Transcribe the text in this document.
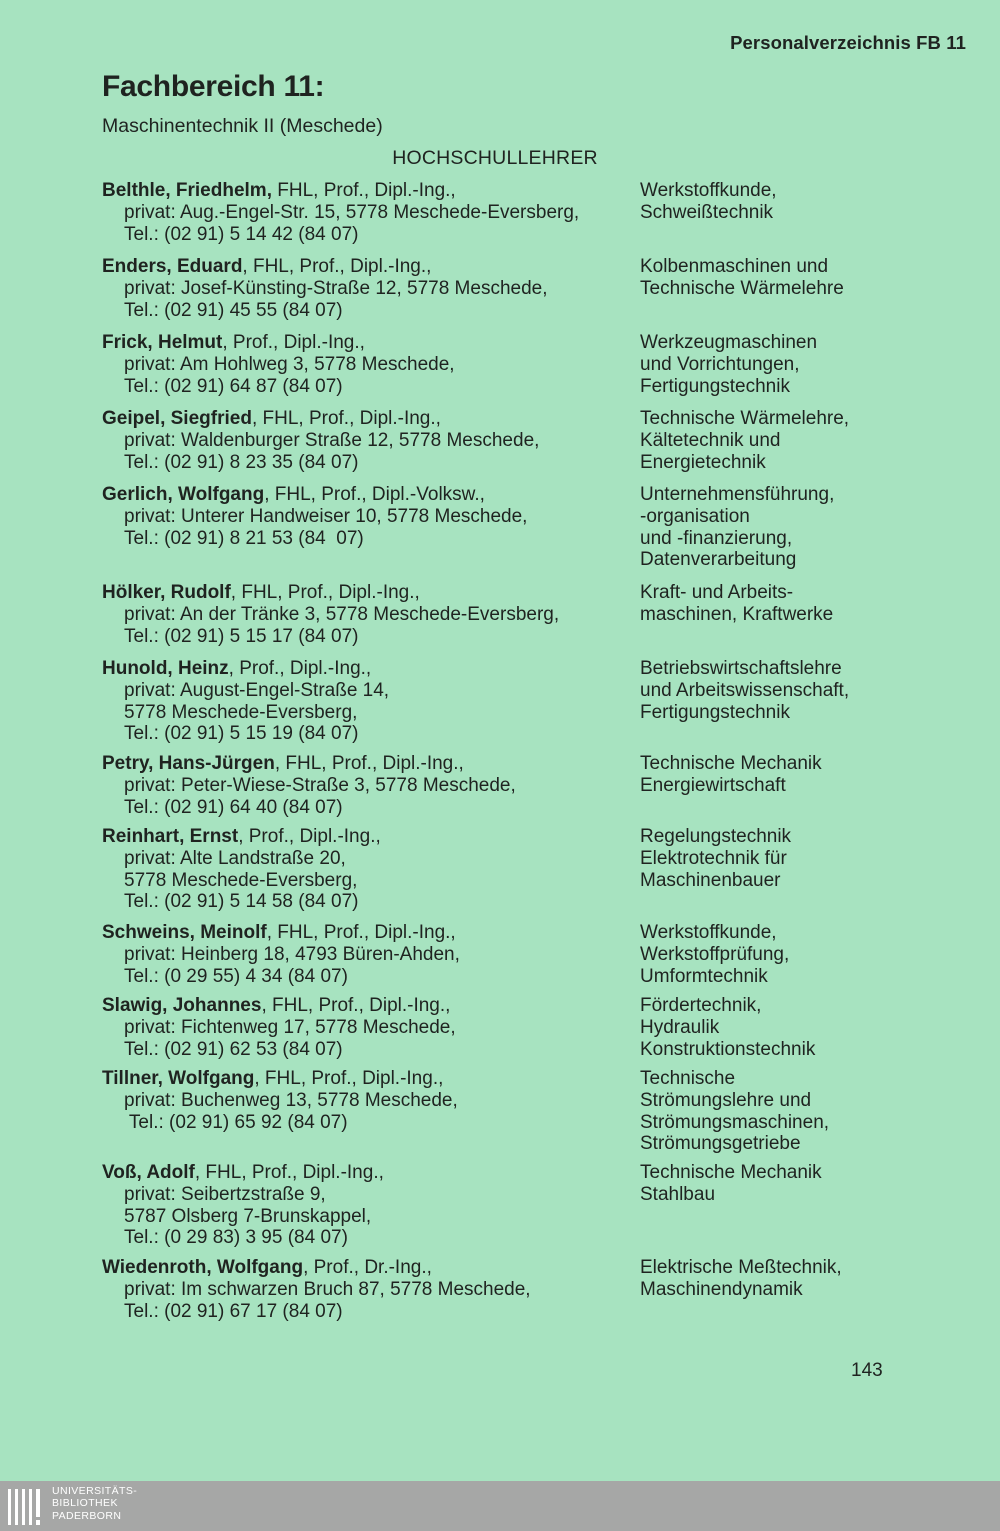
Personalverzeichnis FB 11
Fachbereich 11:
Maschinentechnik II (Meschede)
HOCHSCHULLEHRER
Belthle, Friedhelm, FHL, Prof., Dipl.-Ing.,
privat: Aug.-Engel-Str. 15, 5778 Meschede-Eversberg,
Tel.: (02 91) 5 14 42 (84 07)
Werkstoffkunde,
Schweißtechnik
Enders, Eduard, FHL, Prof., Dipl.-Ing.,
privat: Josef-Künsting-Straße 12, 5778 Meschede,
Tel.: (02 91) 45 55 (84 07)
Kolbenmaschinen und
Technische Wärmelehre
Frick, Helmut, Prof., Dipl.-Ing.,
privat: Am Hohlweg 3, 5778 Meschede,
Tel.: (02 91) 64 87 (84 07)
Werkzeugmaschinen
und Vorrichtungen,
Fertigungstechnik
Geipel, Siegfried, FHL, Prof., Dipl.-Ing.,
privat: Waldenburger Straße 12, 5778 Meschede,
Tel.: (02 91) 8 23 35 (84 07)
Technische Wärmelehre,
Kältetechnik und
Energietechnik
Gerlich, Wolfgang, FHL, Prof., Dipl.-Volksw.,
privat: Unterer Handweiser 10, 5778 Meschede,
Tel.: (02 91) 8 21 53 (84  07)
Unternehmensführung,
-organisation
und -finanzierung,
Datenverarbeitung
Hölker, Rudolf, FHL, Prof., Dipl.-Ing.,
privat: An der Tränke 3, 5778 Meschede-Eversberg,
Tel.: (02 91) 5 15 17 (84 07)
Kraft- und Arbeits-
maschinen, Kraftwerke
Hunold, Heinz, Prof., Dipl.-Ing.,
privat: August-Engel-Straße 14,
5778 Meschede-Eversberg,
Tel.: (02 91) 5 15 19 (84 07)
Betriebswirtschaftslehre
und Arbeitswissenschaft,
Fertigungstechnik
Petry, Hans-Jürgen, FHL, Prof., Dipl.-Ing.,
privat: Peter-Wiese-Straße 3, 5778 Meschede,
Tel.: (02 91) 64 40 (84 07)
Technische Mechanik
Energiewirtschaft
Reinhart, Ernst, Prof., Dipl.-Ing.,
privat: Alte Landstraße 20,
5778 Meschede-Eversberg,
Tel.: (02 91) 5 14 58 (84 07)
Regelungstechnik
Elektrotechnik für
Maschinenbauer
Schweins, Meinolf, FHL, Prof., Dipl.-Ing.,
privat: Heinberg 18, 4793 Büren-Ahden,
Tel.: (0 29 55) 4 34 (84 07)
Werkstoffkunde,
Werkstoffprüfung,
Umformtechnik
Slawig, Johannes, FHL, Prof., Dipl.-Ing.,
privat: Fichtenweg 17, 5778 Meschede,
Tel.: (02 91) 62 53 (84 07)
Fördertechnik,
Hydraulik
Konstruktionstechnik
Tillner, Wolfgang, FHL, Prof., Dipl.-Ing.,
privat: Buchenweg 13, 5778 Meschede,
Tel.: (02 91) 65 92 (84 07)
Technische
Strömungslehre und
Strömungsmaschinen,
Strömungsgetriebe
Voß, Adolf, FHL, Prof., Dipl.-Ing.,
privat: Seibertzstraße 9,
5787 Olsberg 7-Brunskappel,
Tel.: (0 29 83) 3 95 (84 07)
Technische Mechanik
Stahlbau
Wiedenroth, Wolfgang, Prof., Dr.-Ing.,
privat: Im schwarzen Bruch 87, 5778 Meschede,
Tel.: (02 91) 67 17 (84 07)
Elektrische Meßtechnik,
Maschinendynamik
143
UNIVERSITÄTS-
BIBLIOTHEK
PADERBORN
